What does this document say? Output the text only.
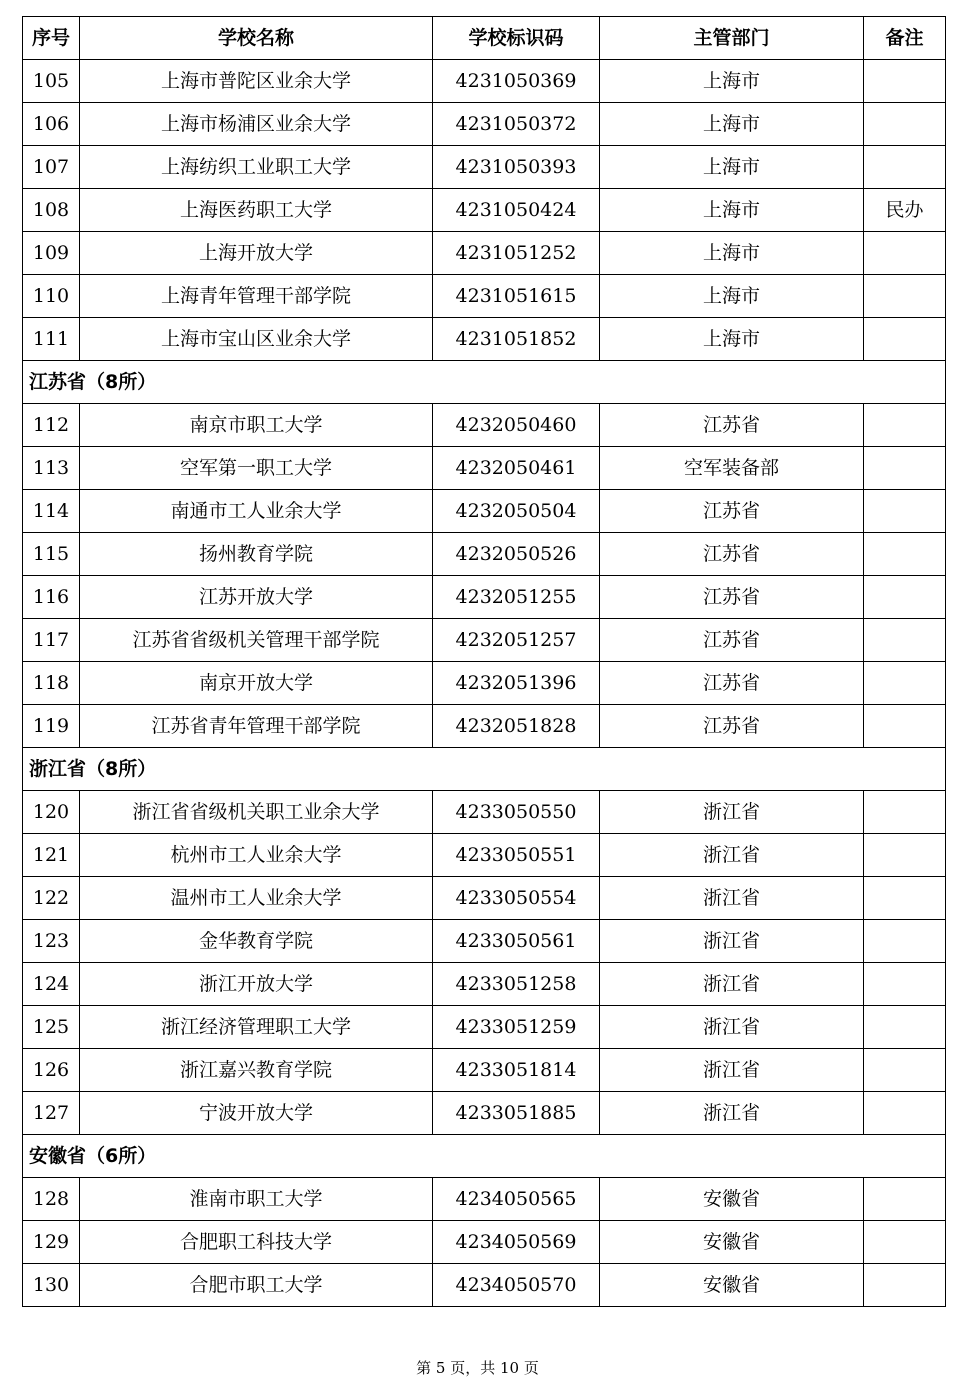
序号	学校名称	学校标识码	主管部门	备注
105	上海市普陀区业余大学	4231050369	上海市	
106	上海市杨浦区业余大学	4231050372	上海市	
107	上海纺织工业职工大学	4231050393	上海市	
108	上海医药职工大学	4231050424	上海市	民办
109	上海开放大学	4231051252	上海市	
110	上海青年管理干部学院	4231051615	上海市	
111	上海市宝山区业余大学	4231051852	上海市	
江苏省（8所）				
112	南京市职工大学	4232050460	江苏省	
113	空军第一职工大学	4232050461	空军装备部	
114	南通市工人业余大学	4232050504	江苏省	
115	扬州教育学院	4232050526	江苏省	
116	江苏开放大学	4232051255	江苏省	
117	江苏省省级机关管理干部学院	4232051257	江苏省	
118	南京开放大学	4232051396	江苏省	
119	江苏省青年管理干部学院	4232051828	江苏省	
浙江省（8所）				
120	浙江省省级机关职工业余大学	4233050550	浙江省	
121	杭州市工人业余大学	4233050551	浙江省	
122	温州市工人业余大学	4233050554	浙江省	
123	金华教育学院	4233050561	浙江省	
124	浙江开放大学	4233051258	浙江省	
125	浙江经济管理职工大学	4233051259	浙江省	
126	浙江嘉兴教育学院	4233051814	浙江省	
127	宁波开放大学	4233051885	浙江省	
安徽省（6所）				
128	淮南市职工大学	4234050565	安徽省	
129	合肥职工科技大学	4234050569	安徽省	
130	合肥市职工大学	4234050570	安徽省	
第 5 页，共 10 页
